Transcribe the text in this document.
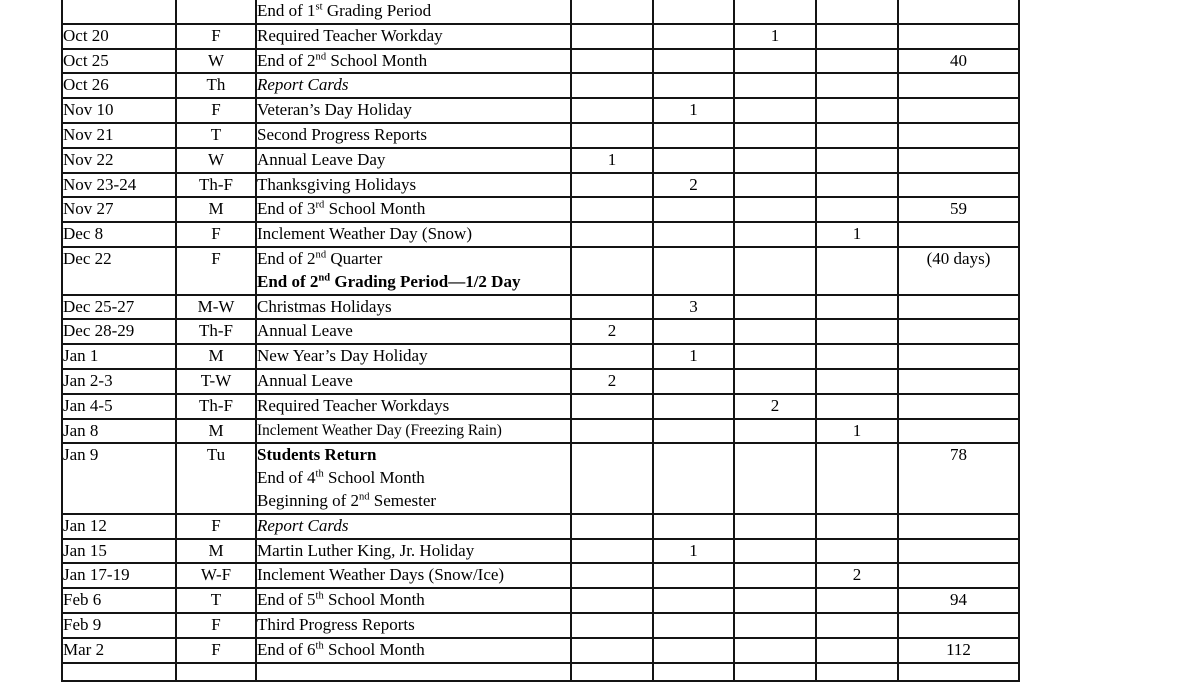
		End of 1st Grading Period					

Oct 20	F	Required Teacher Workday			1		
Oct 25	W	End of 2nd School Month					40
Oct 26	Th	Report Cards					

Nov 10	F	Veteran’s Day Holiday		1			
Nov 21	T	Second Progress Reports					

Nov 22	W	Annual Leave Day	1				
Nov 23-24	Th-F	Thanksgiving Holidays		2			
Nov 27	M	End of 3rd School Month					59
Dec 8	F	Inclement Weather Day (Snow)				1	
Dec 22	F	End of 2nd Quarter
End of 2nd Grading Period—1/2 Day					(40 days)
Dec 25-27	M-W	Christmas Holidays		3			
Dec 28-29	Th-F	Annual Leave	2				
Jan 1	M	New Year’s Day Holiday		1			
Jan 2-3	T-W	Annual Leave	2				
Jan 4-5	Th-F	Required Teacher Workdays			2		
Jan 8	M	Inclement Weather Day (Freezing Rain)				1	
Jan 9	Tu	Students Return
End of 4th School Month
Beginning of 2nd Semester					78
Jan 12	F	Report Cards					

Jan 15	M	Martin Luther King, Jr. Holiday		1			
Jan 17-19	W-F	Inclement Weather Days (Snow/Ice)				2	
Feb 6	T	End of 5th School Month					94
Feb 9	F	Third Progress Reports					

Mar 2	F	End of 6th School Month					112
